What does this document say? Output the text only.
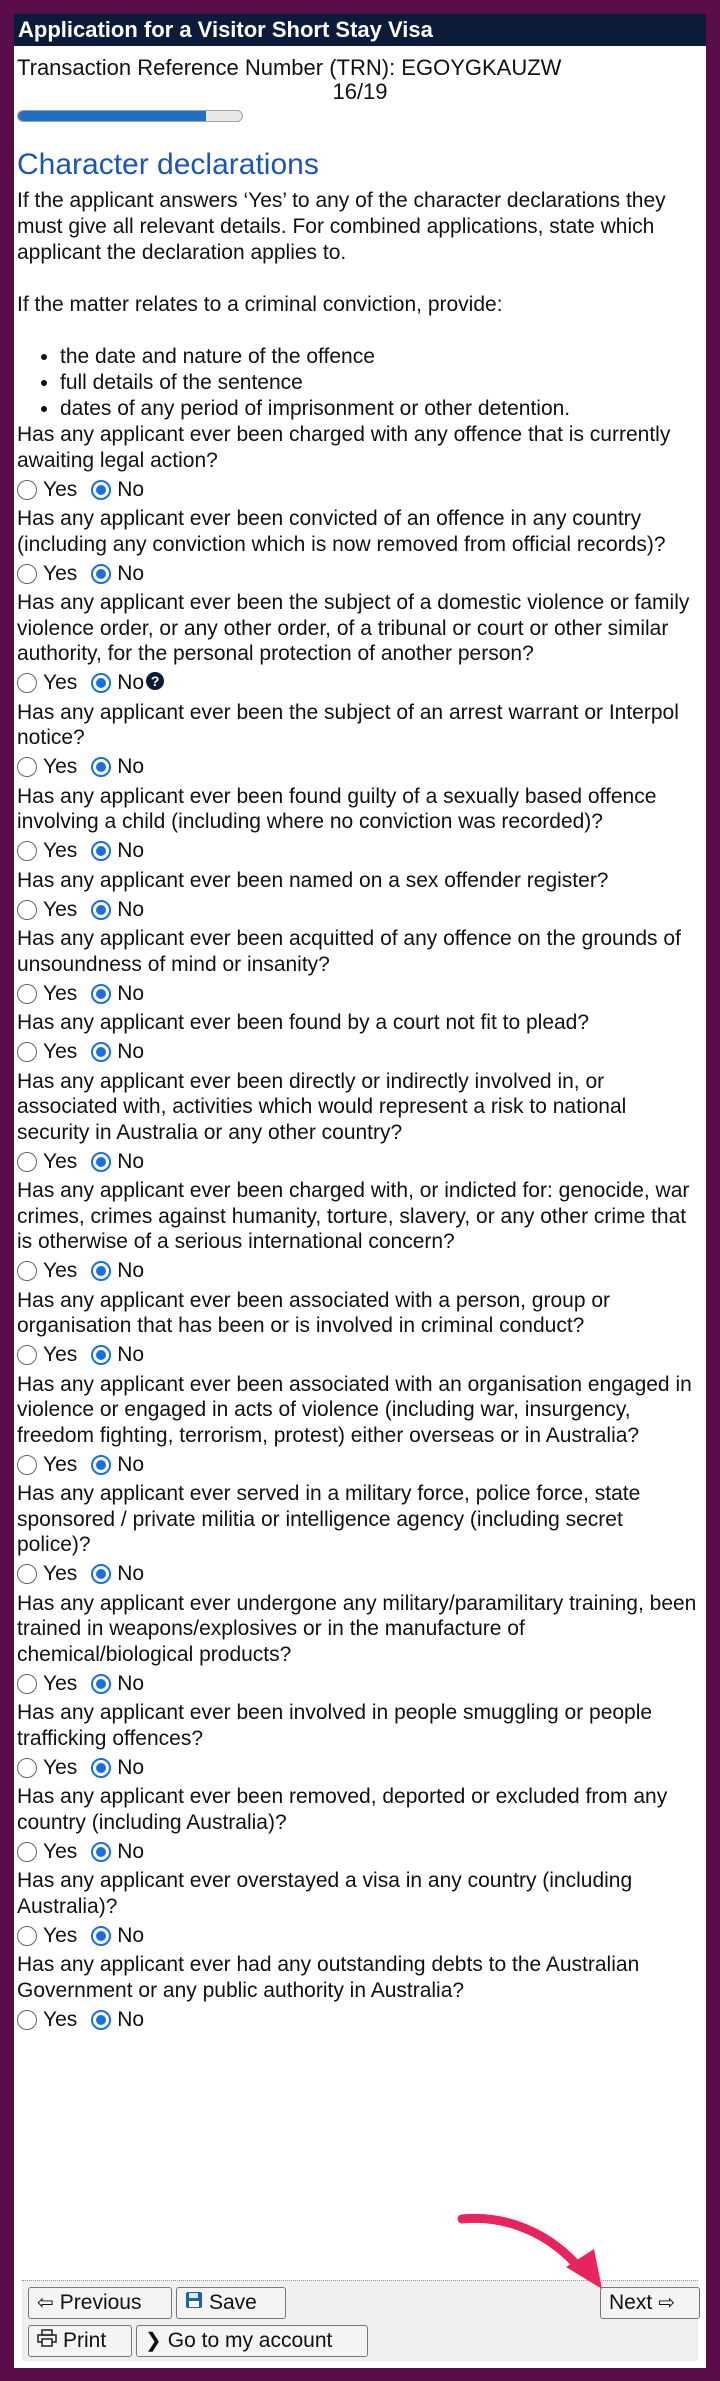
Application for a Visitor Short Stay Visa
Transaction Reference Number (TRN): EGOYGKAUZW
16/19
Character declarations
If the applicant answers ‘Yes’ to any of the character declarations they must give all relevant details. For combined applications, state which applicant the declaration applies to.
If the matter relates to a criminal conviction, provide:
• the date and nature of the offence
• full details of the sentence
• dates of any period of imprisonment or other detention.
Has any applicant ever been charged with any offence that is currently awaiting legal action?
Yes No
Has any applicant ever been convicted of an offence in any country (including any conviction which is now removed from official records)?
Yes No
Has any applicant ever been the subject of a domestic violence or family violence order, or any other order, of a tribunal or court or other similar authority, for the personal protection of another person?
Yes No ?
Has any applicant ever been the subject of an arrest warrant or Interpol notice?
Yes No
Has any applicant ever been found guilty of a sexually based offence involving a child (including where no conviction was recorded)?
Yes No
Has any applicant ever been named on a sex offender register?
Yes No
Has any applicant ever been acquitted of any offence on the grounds of unsoundness of mind or insanity?
Yes No
Has any applicant ever been found by a court not fit to plead?
Yes No
Has any applicant ever been directly or indirectly involved in, or associated with, activities which would represent a risk to national security in Australia or any other country?
Yes No
Has any applicant ever been charged with, or indicted for: genocide, war crimes, crimes against humanity, torture, slavery, or any other crime that is otherwise of a serious international concern?
Yes No
Has any applicant ever been associated with a person, group or organisation that has been or is involved in criminal conduct?
Yes No
Has any applicant ever been associated with an organisation engaged in violence or engaged in acts of violence (including war, insurgency, freedom fighting, terrorism, protest) either overseas or in Australia?
Yes No
Has any applicant ever served in a military force, police force, state sponsored / private militia or intelligence agency (including secret police)?
Yes No
Has any applicant ever undergone any military/paramilitary training, been trained in weapons/explosives or in the manufacture of chemical/biological products?
Yes No
Has any applicant ever been involved in people smuggling or people trafficking offences?
Yes No
Has any applicant ever been removed, deported or excluded from any country (including Australia)?
Yes No
Has any applicant ever overstayed a visa in any country (including Australia)?
Yes No
Has any applicant ever had any outstanding debts to the Australian Government or any public authority in Australia?
Yes No
⇦ Previous	Save	Next ⇨
Print ❯ Go to my account
